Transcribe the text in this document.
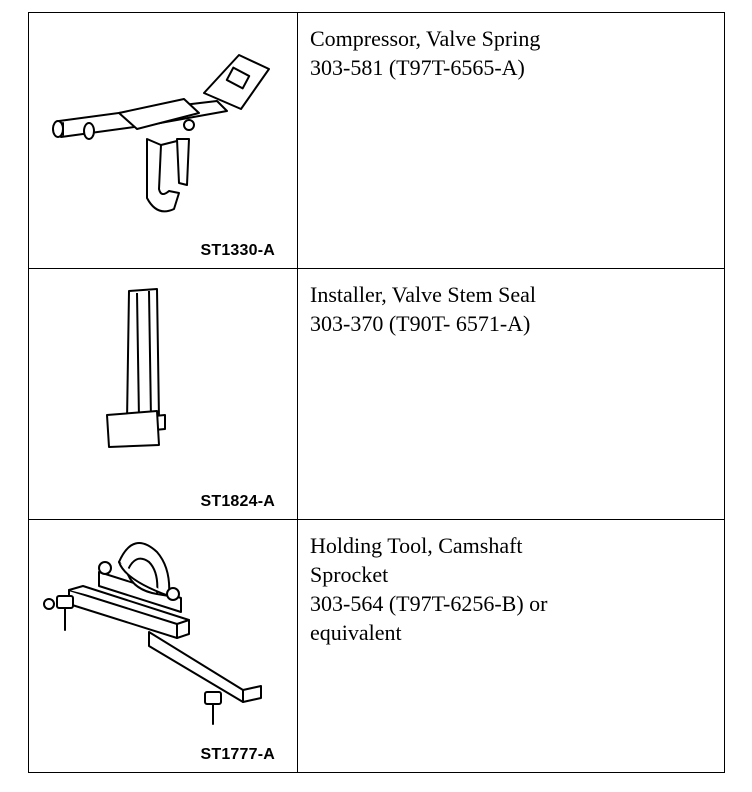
ST1330-A	Compressor, Valve Spring
303-581 (T97T-6565-A)

ST1824-A	Installer, Valve Stem Seal
303-370 (T90T- 6571-A)

ST1777-A	Holding Tool, Camshaft
Sprocket
303-564 (T97T-6256-B) or
equivalent
